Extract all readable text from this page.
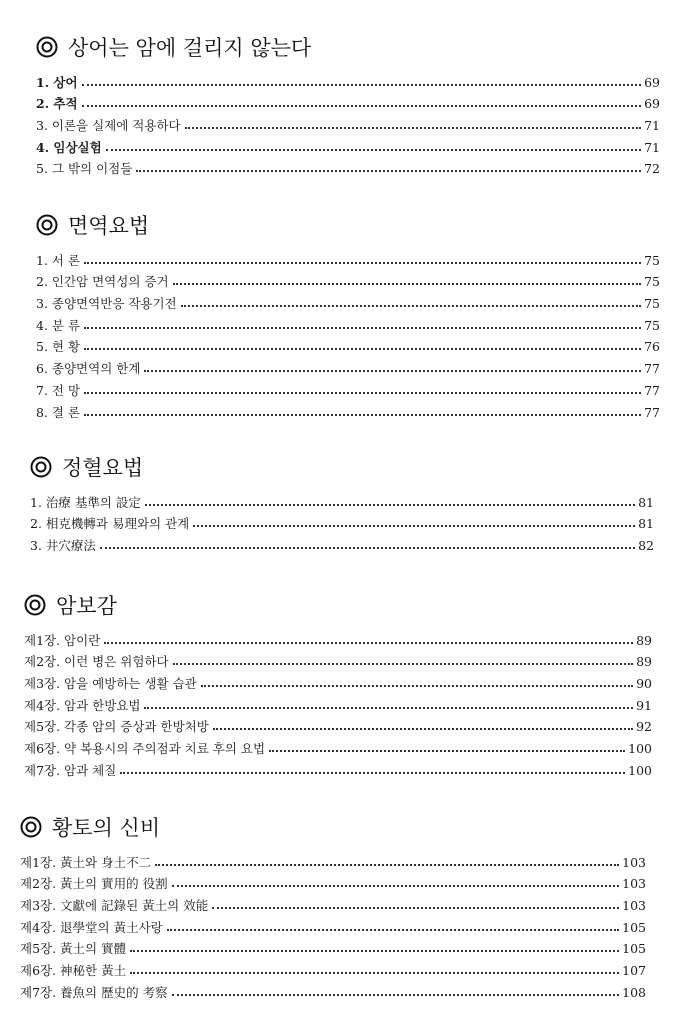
상어는 암에 걸리지 않는다
1. 상어	69
2. 추적	69
3. 이론을 실제에 적용하다	71
4. 임상실험	71
5. 그 밖의 이점들	72
면역요법
1. 서 론	75
2. 인간암 면역성의 증거	75
3. 종양면역반응 작용기전	75
4. 분 류	75
5. 현 황	76
6. 종양면역의 한계	77
7. 전 망	77
8. 결 론	77
정혈요법
1. 治療 基準의 設定	81
2. 相克機轉과 易理와의 관계	81
3. 井穴療法	82
암보감
제1장. 암이란	89
제2장. 이런 병은 위험하다	89
제3장. 암을 예방하는 생활 습관	90
제4장. 암과 한방요법	91
제5장. 각종 암의 증상과 한방처방	92
제6장. 약 복용시의 주의점과 치료 후의 요법	100
제7장. 암과 체질	100
황토의 신비
제1장. 黃土와 身土不二	103
제2장. 黃土의 實用的 役割	103
제3장. 文獻에 記錄된 黃土의 效能	103
제4장. 退學堂의 黃土사랑	105
제5장. 黃土의 實體	105
제6장. 神秘한 黃土	107
제7장. 養魚의 歷史的 考察	108
